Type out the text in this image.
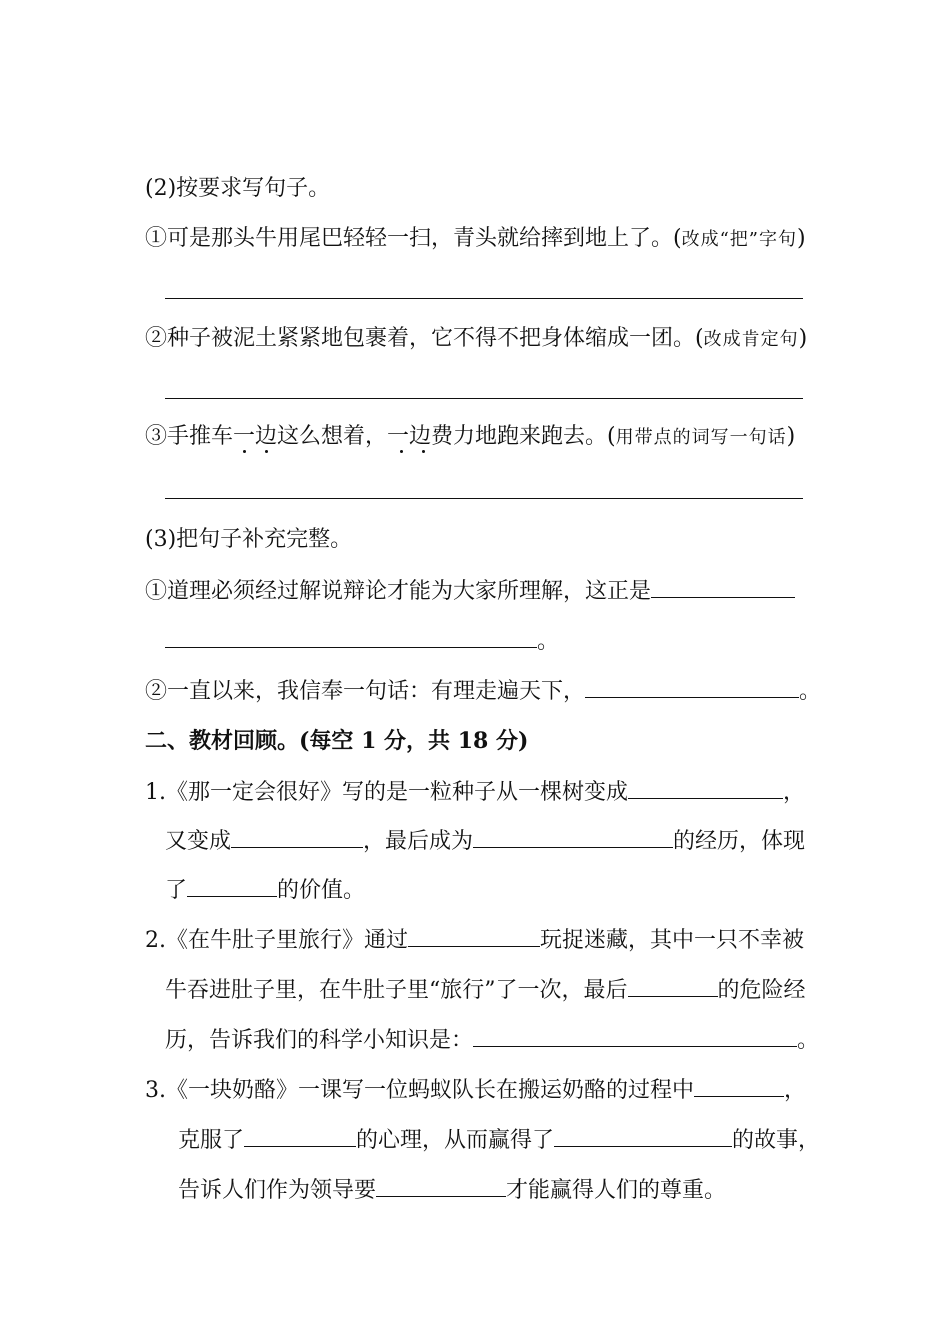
(2)按要求写句子。
①可是那头牛用尾巴轻轻一扫，青头就给摔到地上了。(改成“把”字句)
②种子被泥土紧紧地包裹着，它不得不把身体缩成一团。(改成肯定句)
③手推车一边这么想着，一边费力地跑来跑去。(用带点的词写一句话)
(3)把句子补充完整。
①道理必须经过解说辩论才能为大家所理解，这正是
。
②一直以来，我信奉一句话：有理走遍天下，	。
二、教材回顾。(每空 1 分，共 18 分)
1.《那一定会很好》写的是一粒种子从一棵树变成	，
又变成	，最后成为	的经历，体现
了	的价值。
2.《在牛肚子里旅行》通过	玩捉迷藏，其中一只不幸被
牛吞进肚子里，在牛肚子里“旅行”了一次，最后	的危险经
历，告诉我们的科学小知识是：	。
3.《一块奶酪》一课写一位蚂蚁队长在搬运奶酪的过程中	，
克服了	的心理，从而赢得了	的故事，
告诉人们作为领导要	才能赢得人们的尊重。
